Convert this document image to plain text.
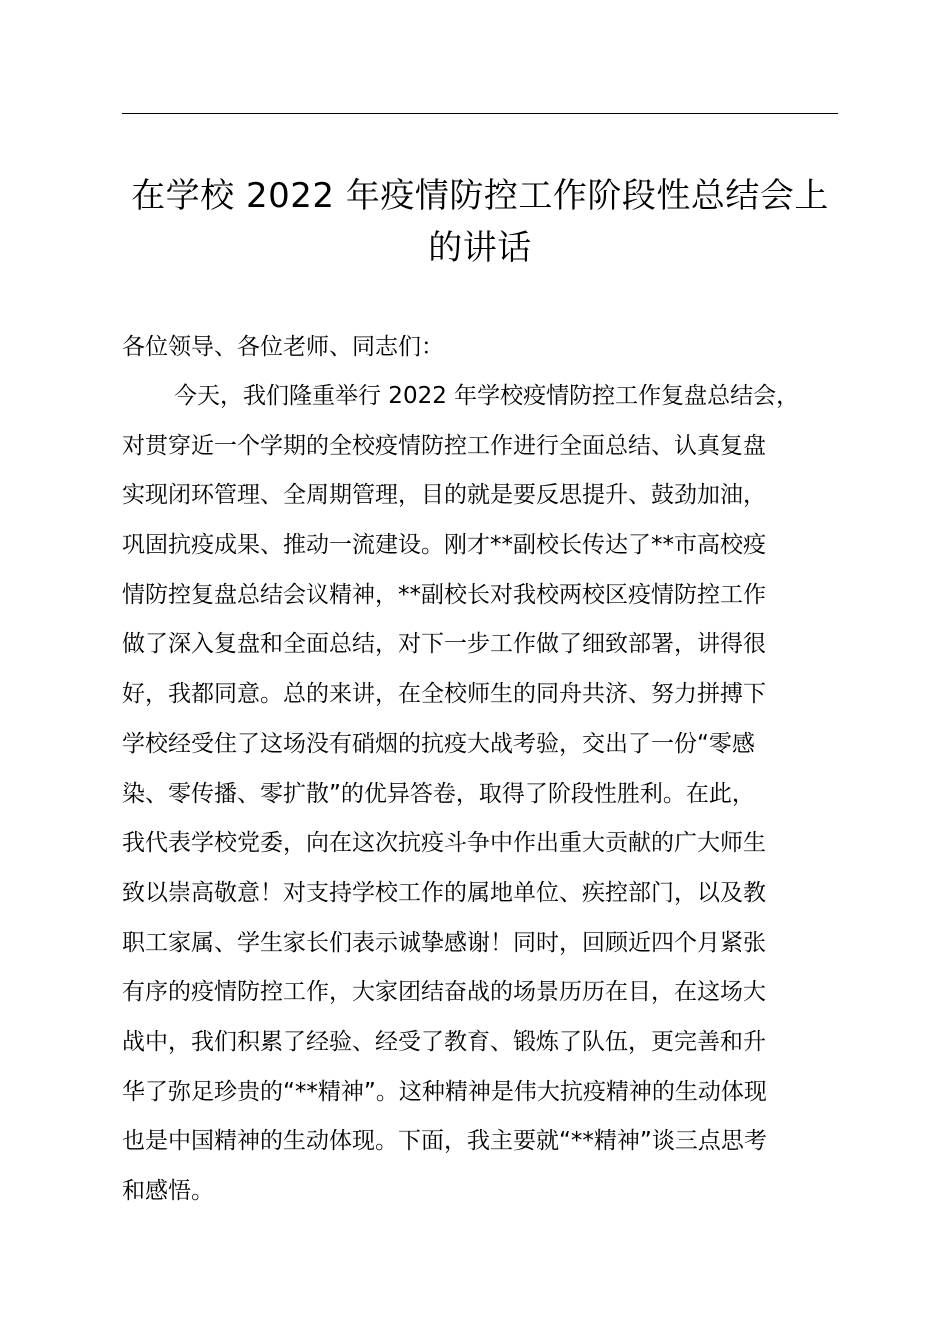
在学校 2022 年疫情防控工作阶段性总结会上
的讲话

各位领导、各位老师、同志们：

今天，我们隆重举行 2022 年学校疫情防控工作复盘总结会，
对贯穿近一个学期的全校疫情防控工作进行全面总结、认真复盘
实现闭环管理、全周期管理，目的就是要反思提升、鼓劲加油，
巩固抗疫成果、推动一流建设。刚才**副校长传达了**市高校疫
情防控复盘总结会议精神，**副校长对我校两校区疫情防控工作
做了深入复盘和全面总结，对下一步工作做了细致部署，讲得很
好，我都同意。总的来讲，在全校师生的同舟共济、努力拼搏下
学校经受住了这场没有硝烟的抗疫大战考验，交出了一份“零感
染、零传播、零扩散”的优异答卷，取得了阶段性胜利。在此，
我代表学校党委，向在这次抗疫斗争中作出重大贡献的广大师生
致以崇高敬意！对支持学校工作的属地单位、疾控部门，以及教
职工家属、学生家长们表示诚挚感谢！同时，回顾近四个月紧张
有序的疫情防控工作，大家团结奋战的场景历历在目，在这场大
战中，我们积累了经验、经受了教育、锻炼了队伍，更完善和升
华了弥足珍贵的“**精神”。这种精神是伟大抗疫精神的生动体现
也是中国精神的生动体现。下面，我主要就“**精神”谈三点思考
和感悟。
